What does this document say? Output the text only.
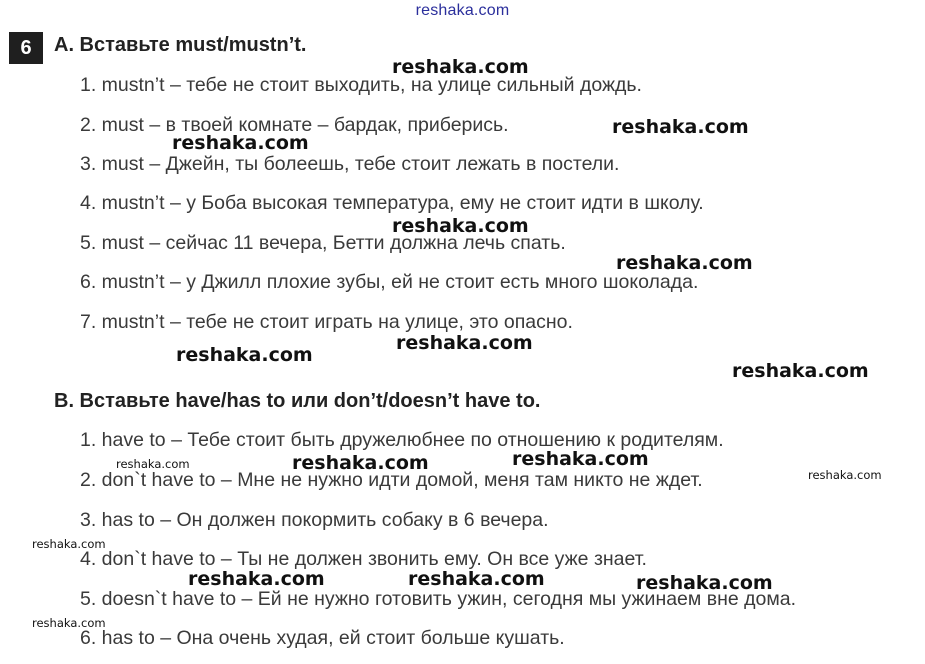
reshaka.com
6	A. Вставьте must/mustn’t.
1. mustn’t – тебе не стоит выходить, на улице сильный дождь.
2. must – в твоей комнате – бардак, приберись.
3. must – Джейн, ты болеешь, тебе стоит лежать в постели.
4. mustn’t – у Боба высокая температура, ему не стоит идти в школу.
5. must – сейчас 11 вечера, Бетти должна лечь спать.
6. mustn’t – у Джилл плохие зубы, ей не стоит есть много шоколада.
7. mustn’t – тебе не стоит играть на улице, это опасно.
B. Вставьте have/has to или don’t/doesn’t have to.
1. have to – Тебе стоит быть дружелюбнее по отношению к родителям.
2. don`t have to – Мне не нужно идти домой, меня там никто не ждет.
3. has to – Он должен покормить собаку в 6 вечера.
4. don`t have to – Ты не должен звонить ему. Он все уже знает.
5. doesn`t have to – Ей не нужно готовить ужин, сегодня мы ужинаем вне дома.
6. has to – Она очень худая, ей стоит больше кушать.
reshaka.com
reshaka.com
reshaka.com
reshaka.com
reshaka.com
reshaka.com
reshaka.com
reshaka.com
reshaka.com	reshaka.com	reshaka.com
reshaka.com
reshaka.com
reshaka.com	reshaka.com	reshaka.com
reshaka.com
